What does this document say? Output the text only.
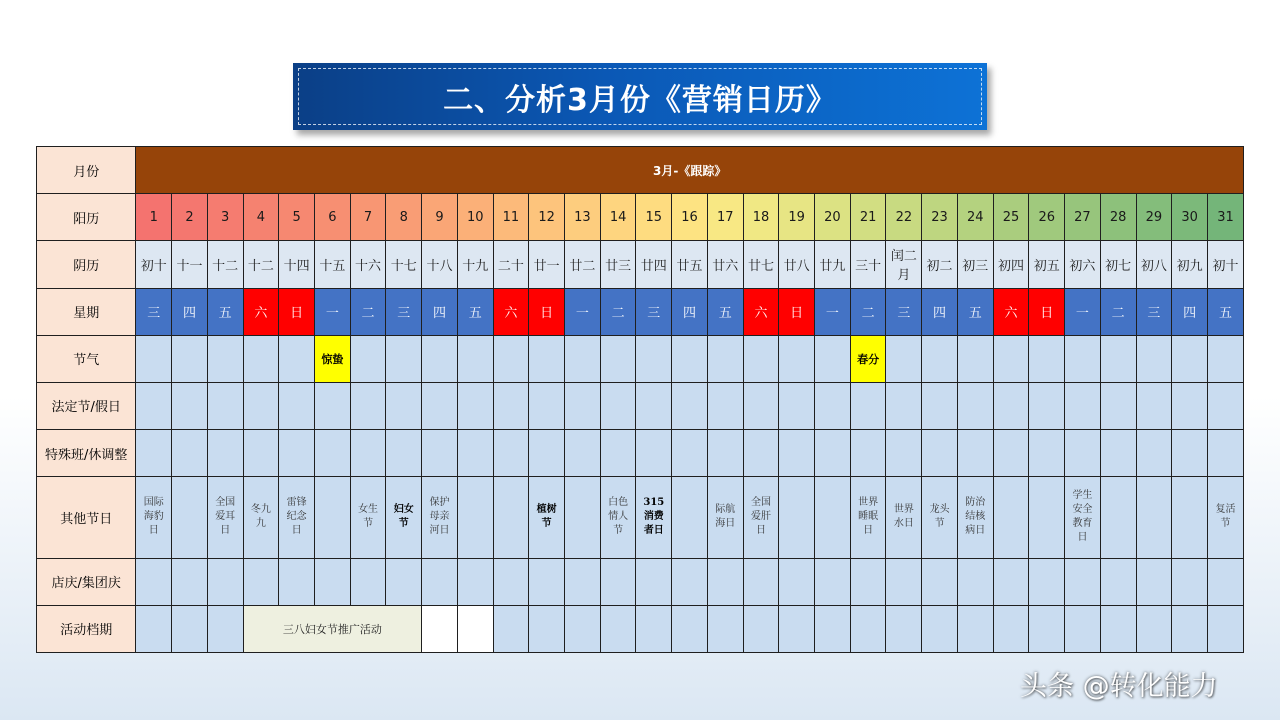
二、分析3月份《营销日历》
月份	3月-《跟踪》																														
阳历	1	2	3	4	5	6	7	8	9	10	11	12	13	14	15	16	17	18	19	20	21	22	23	24	25	26	27	28	29	30	31
阴历	初十	十一	十二	十二	十四	十五	十六	十七	十八	十九	二十	廿一	廿二	廿三	廿四	廿五	廿六	廿七	廿八	廿九	三十	闰二月	初二	初三	初四	初五	初六	初七	初八	初九	初十
星期	三	四	五	六	日	一	二	三	四	五	六	日	一	二	三	四	五	六	日	一	二	三	四	五	六	日	一	二	三	四	五
节气						惊蛰															春分										
法定节/假日																															
特殊班/休调整																															
其他节日	国际海豹日		全国爱耳日	冬九九	雷锋纪念日		女生节	妇女节	保护母亲河日			植树节		白色情人节	315消费者日		际航海日	全国爱肝日			世界睡眠日	世界水日	龙头节	防治结核病日			学生安全教育日				复活节

店庆/集团庆																															
活动档期				三八妇女节推广活动																											
头条 @转化能力
